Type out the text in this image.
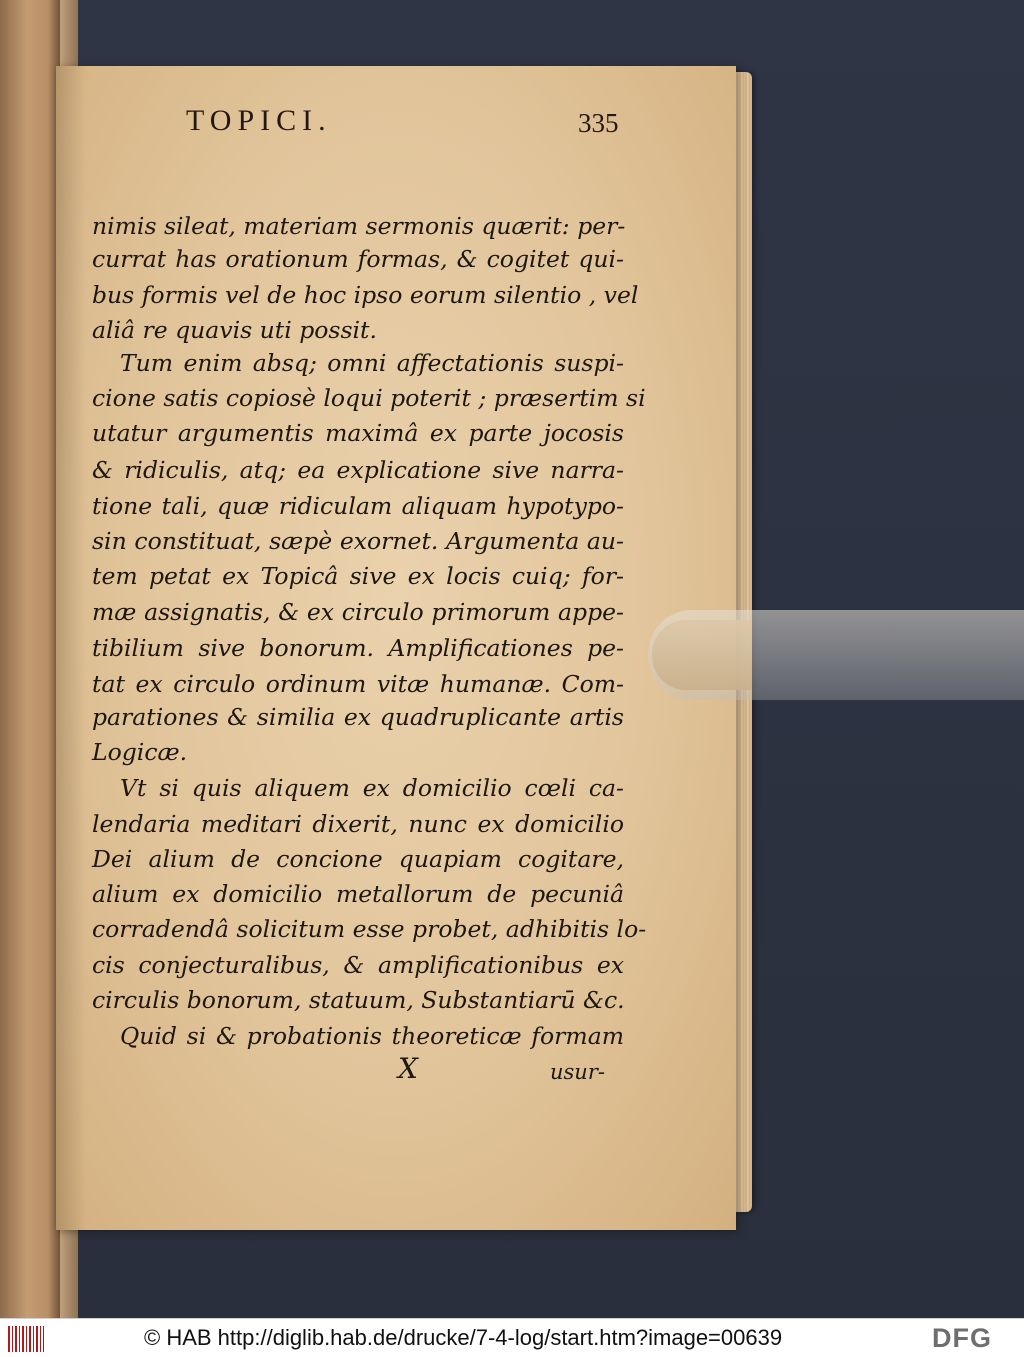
TOPICI.	335
nimis sileat, materiam sermonis quærit: per-
currat has orationum formas, & cogitet qui-
bus formis vel de hoc ipso eorum silentio , vel
aliâ re quavis uti possit.
Tum enim absq; omni affectationis suspi-
cione satis copiosè loqui poterit ; præsertim si
utatur argumentis maximâ ex parte jocosis
& ridiculis, atq; ea explicatione sive narra-
tione tali, quæ ridiculam aliquam hypotypo-
sin constituat, sæpè exornet. Argumenta au-
tem petat ex Topicâ sive ex locis cuiq; for-
mæ assignatis, & ex circulo primorum appe-
tibilium sive bonorum. Amplificationes pe-
tat ex circulo ordinum vitæ humanæ. Com-
parationes & similia ex quadruplicante artis
Logicæ.
Vt si quis aliquem ex domicilio cœli ca-
lendaria meditari dixerit, nunc ex domicilio
Dei alium de concione quapiam cogitare,
alium ex domicilio metallorum de pecuniâ
corradendâ solicitum esse probet, adhibitis lo-
cis conjecturalibus, & amplificationibus ex
circulis bonorum, statuum, Substantiarū &c.
Quid si & probationis theoreticæ formam
X	usur-
© HAB http://diglib.hab.de/drucke/7-4-log/start.htm?image=00639	DFG
